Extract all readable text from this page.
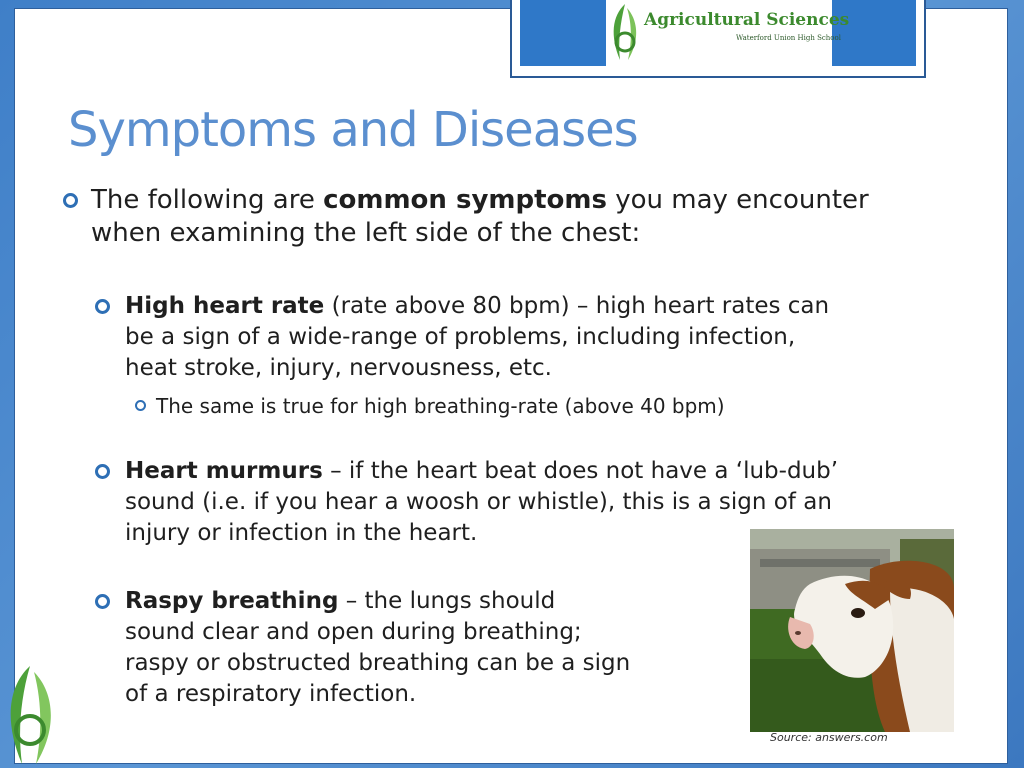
Agricultural Sciences
Waterford Union High School
Symptoms and Diseases
The following are common symptoms you may encounter
when examining the left side of the chest:
High heart rate (rate above 80 bpm) – high heart rates can
be a sign of a wide-range of problems, including infection,
heat stroke, injury, nervousness, etc.
The same is true for high breathing-rate (above 40 bpm)
Heart murmurs – if the heart beat does not have a ‘lub-dub’
sound (i.e. if you hear a woosh or whistle), this is a sign of an
injury or infection in the heart.
Raspy breathing – the lungs should
sound clear and open during breathing;
raspy or obstructed breathing can be a sign
of a respiratory infection.
Source: answers.com
